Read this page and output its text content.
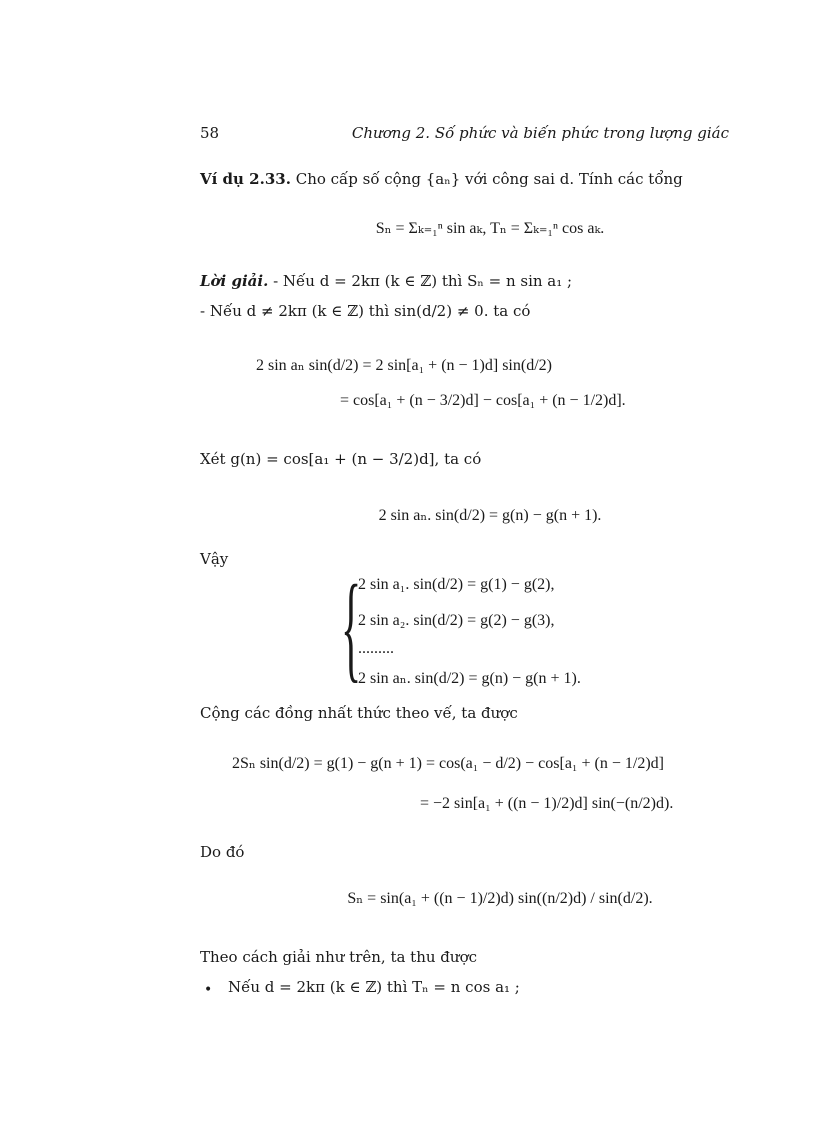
58	Chương 2. Số phức và biến phức trong lượng giác
Ví dụ 2.33. Cho cấp số cộng {aₙ} với công sai d. Tính các tổng
Sₙ = Σₖ₌₁ⁿ sin aₖ, Tₙ = Σₖ₌₁ⁿ cos aₖ.
Lời giải. - Nếu d = 2kπ (k ∈ ℤ) thì Sₙ = n sin a₁ ;
- Nếu d ≠ 2kπ (k ∈ ℤ) thì sin(d/2) ≠ 0. ta có
2 sin aₙ sin(d/2) = 2 sin[a₁ + (n − 1)d] sin(d/2)
= cos[a₁ + (n − 3/2)d] − cos[a₁ + (n − 1/2)d].
Xét g(n) = cos[a₁ + (n − 3/2)d], ta có
2 sin aₙ. sin(d/2) = g(n) − g(n + 1).
Vậy
{
2 sin a₁. sin(d/2) = g(1) − g(2),
2 sin a₂. sin(d/2) = g(2) − g(3),
.........
2 sin aₙ. sin(d/2) = g(n) − g(n + 1).
Cộng các đồng nhất thức theo vế, ta được
2Sₙ sin(d/2) = g(1) − g(n + 1) = cos(a₁ − d/2) − cos[a₁ + (n − 1/2)d]
= −2 sin[a₁ + ((n − 1)/2)d] sin(−(n/2)d).
Do đó
Sₙ = sin(a₁ + ((n − 1)/2)d) sin((n/2)d) / sin(d/2).
Theo cách giải như trên, ta thu được
• Nếu d = 2kπ (k ∈ ℤ) thì Tₙ = n cos a₁ ;
